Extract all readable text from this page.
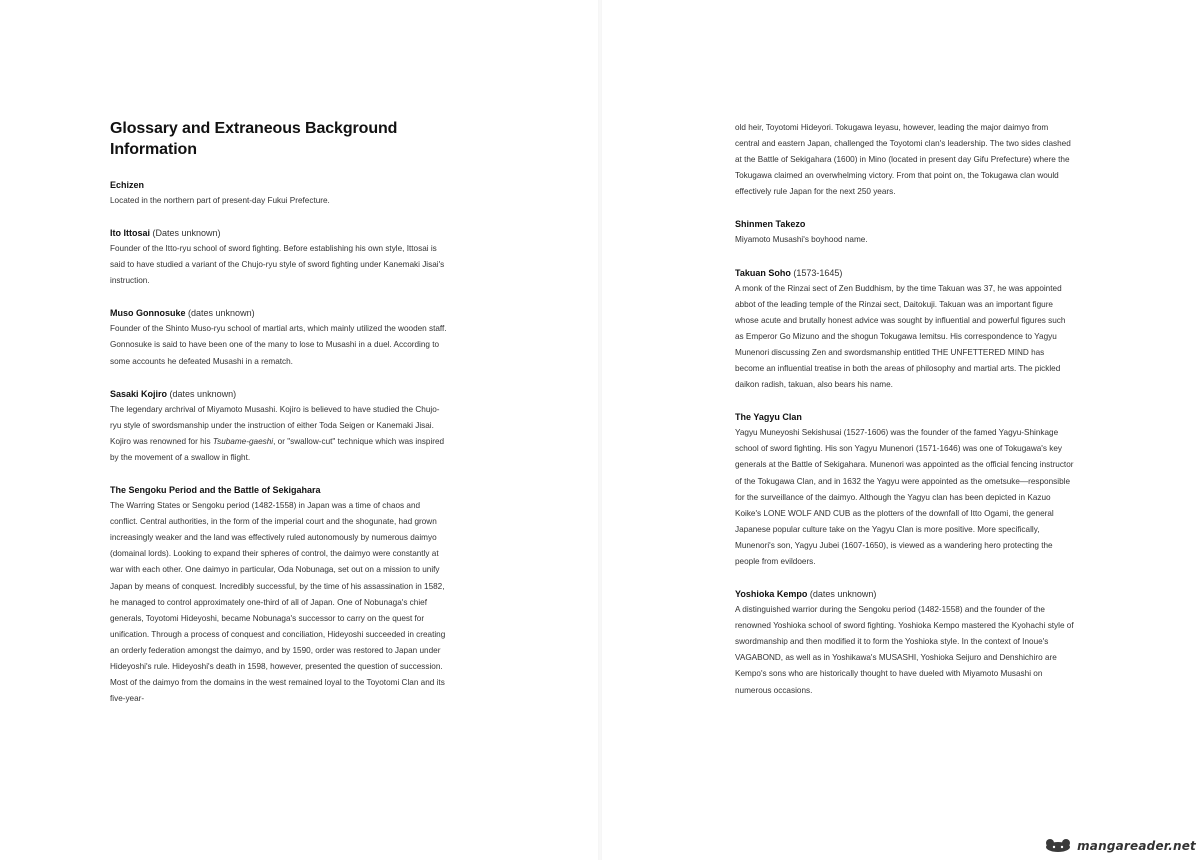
Glossary and Extraneous Background Information
Echizen

Located in the northern part of present-day Fukui Prefecture.

Ito Ittosai (Dates unknown)

Founder of the Itto-ryu school of sword fighting. Before establishing his own style, Ittosai is said to have studied a variant of the Chujo-ryu style of sword fighting under Kanemaki Jisai's instruction.

Muso Gonnosuke (dates unknown)

Founder of the Shinto Muso-ryu school of martial arts, which mainly utilized the wooden staff. Gonnosuke is said to have been one of the many to lose to Musashi in a duel. According to some accounts he defeated Musashi in a rematch.

Sasaki Kojiro (dates unknown)

The legendary archrival of Miyamoto Musashi. Kojiro is believed to have studied the Chujo-ryu style of swordsmanship under the instruction of either Toda Seigen or Kanemaki Jisai. Kojiro was renowned for his Tsubame-gaeshi, or "swallow-cut" technique which was inspired by the movement of a swallow in flight.

The Sengoku Period and the Battle of Sekigahara

The Warring States or Sengoku period (1482-1558) in Japan was a time of chaos and conflict. Central authorities, in the form of the imperial court and the shogunate, had grown increasingly weaker and the land was effectively ruled autonomously by numerous daimyo (domainal lords). Looking to expand their spheres of control, the daimyo were constantly at war with each other. One daimyo in particular, Oda Nobunaga, set out on a mission to unify Japan by means of conquest. Incredibly successful, by the time of his assassination in 1582, he managed to control approximately one-third of all of Japan. One of Nobunaga's chief generals, Toyotomi Hideyoshi, became Nobunaga's successor to carry on the quest for unification. Through a process of conquest and conciliation, Hideyoshi succeeded in creating an orderly federation amongst the daimyo, and by 1590, order was restored to Japan under Hideyoshi's rule. Hideyoshi's death in 1598, however, presented the question of succession. Most of the daimyo from the domains in the west remained loyal to the Toyotomi Clan and its five-year-

old heir, Toyotomi Hideyori. Tokugawa Ieyasu, however, leading the major daimyo from central and eastern Japan, challenged the Toyotomi clan's leadership. The two sides clashed at the Battle of Sekigahara (1600) in Mino (located in present day Gifu Prefecture) where the Tokugawa claimed an overwhelming victory. From that point on, the Tokugawa clan would effectively rule Japan for the next 250 years.

Shinmen Takezo

Miyamoto Musashi's boyhood name.

Takuan Soho (1573-1645)

A monk of the Rinzai sect of Zen Buddhism, by the time Takuan was 37, he was appointed abbot of the leading temple of the Rinzai sect, Daitokuji. Takuan was an important figure whose acute and brutally honest advice was sought by influential and powerful figures such as Emperor Go Mizuno and the shogun Tokugawa Iemitsu. His correspondence to Yagyu Munenori discussing Zen and swordsmanship entitled THE UNFETTERED MIND has become an influential treatise in both the areas of philosophy and martial arts. The pickled daikon radish, takuan, also bears his name.

The Yagyu Clan

Yagyu Muneyoshi Sekishusai (1527-1606) was the founder of the famed Yagyu-Shinkage school of sword fighting. His son Yagyu Munenori (1571-1646) was one of Tokugawa's key generals at the Battle of Sekigahara. Munenori was appointed as the official fencing instructor of the Tokugawa Clan, and in 1632 the Yagyu were appointed as the ometsuke—responsible for the surveillance of the daimyo. Although the Yagyu clan has been depicted in Kazuo Koike's LONE WOLF AND CUB as the plotters of the downfall of Itto Ogami, the general Japanese popular culture take on the Yagyu Clan is more positive. More specifically, Munenori's son, Yagyu Jubei (1607-1650), is viewed as a wandering hero protecting the people from evildoers.

Yoshioka Kempo (dates unknown)

A distinguished warrior during the Sengoku period (1482-1558) and the founder of the renowned Yoshioka school of sword fighting. Yoshioka Kempo mastered the Kyohachi style of swordmanship and then modified it to form the Yoshioka style. In the context of Inoue's VAGABOND, as well as in Yoshikawa's MUSASHI, Yoshioka Seijuro and Denshichiro are Kempo's sons who are historically thought to have dueled with Miyamoto Musashi on numerous occasions.

mangareader.net
